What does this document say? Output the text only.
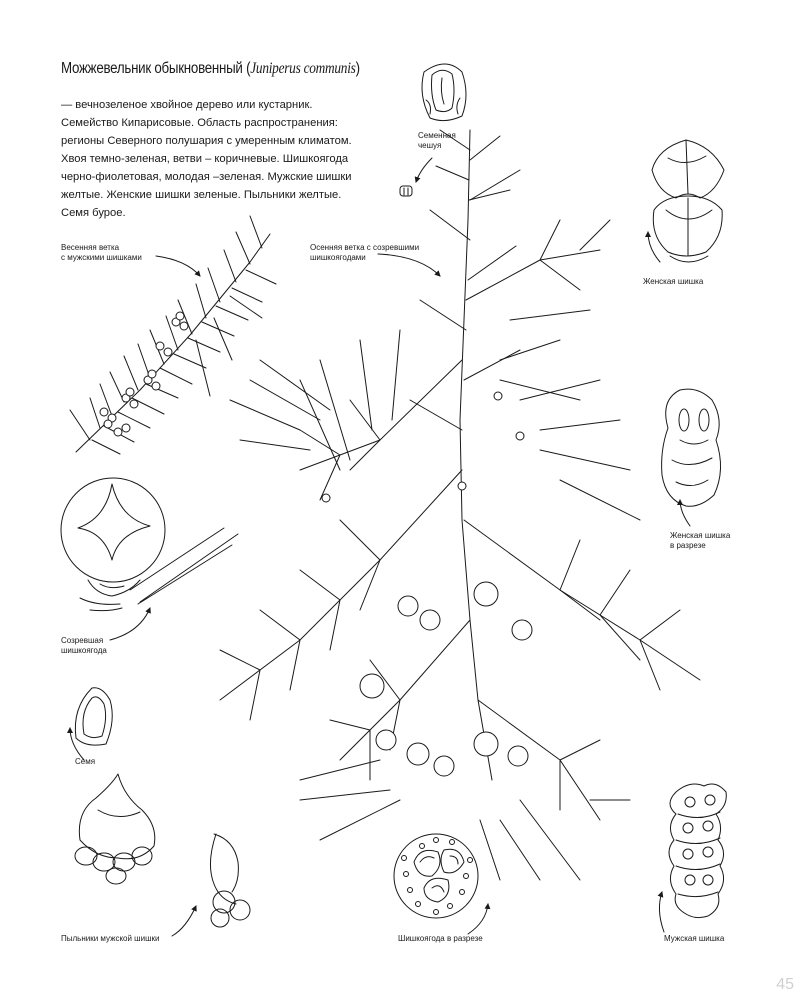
Можжевельник обыкновенный (Juniperus communis)

— вечнозеленое хвойное дерево или кустарник.

Семейство Кипарисовые. Область распространения:

регионы Северного полушария с умеренным климатом.

Хвоя темно-зеленая, ветви – коричневые. Шишкоягода

черно-фиолетовая, молодая –зеленая. Мужские шишки

желтые. Женские шишки зеленые. Пыльники желтые.

Семя бурое.

Семенная
чешуя
Весенняя ветка
с мужскими шишками
Осенняя ветка с созревшими
шишкоягодами
Женская шишка
Женская шишка
в разрезе
Созревшая
шишкоягода
Семя
Пыльники мужской шишки	Шишкоягода в разрезе	Мужская шишка
45
